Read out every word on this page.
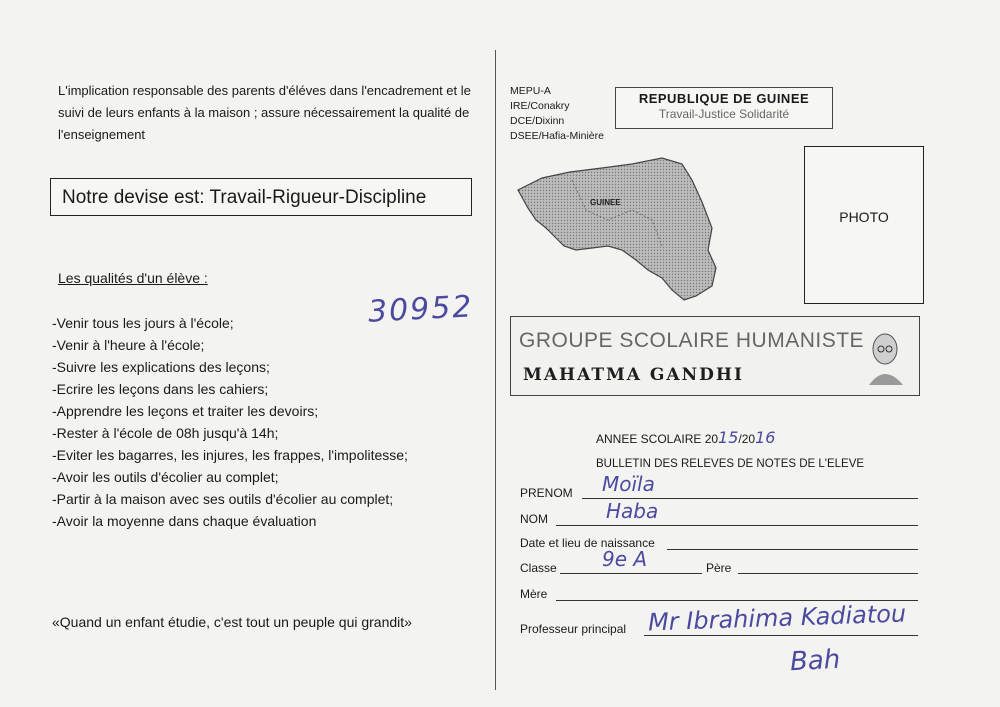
L'implication responsable des parents d'éléves dans l'encadrement et le suivi de leurs enfants à la maison ; assure nécessairement la qualité de l'enseignement
Notre devise est: Travail-Rigueur-Discipline
Les qualités d'un élève :
30952
-Venir tous les jours à l'école;
-Venir à l'heure à l'école;
-Suivre les explications des leçons;
-Ecrire les leçons dans les cahiers;
-Apprendre les leçons et traiter les devoirs;
-Rester à l'école de 08h jusqu'à 14h;
-Eviter les bagarres, les injures, les frappes, l'impolitesse;
-Avoir les outils d'écolier au complet;
-Partir à la maison avec ses outils d'écolier au complet;
-Avoir la moyenne dans chaque évaluation
«Quand un enfant étudie, c'est tout un peuple qui grandit»
MEPU-A
IRE/Conakry
DCE/Dixinn
DSEE/Hafia-Minière
REPUBLIQUE DE GUINEE
Travail-Justice Solidarité
GUINEE
PHOTO
GROUPE SCOLAIRE HUMANISTE
MAHATMA GANDHI
ANNEE SCOLAIRE 2015/2016
BULLETIN DES RELEVES DE NOTES DE L'ELEVE
PRENOM Moïla
NOM	Haba
Date et lieu de naissance
Classe 9e A	Père
Mère
Professeur principal Mr Ibrahima Kadiatou
Bah
